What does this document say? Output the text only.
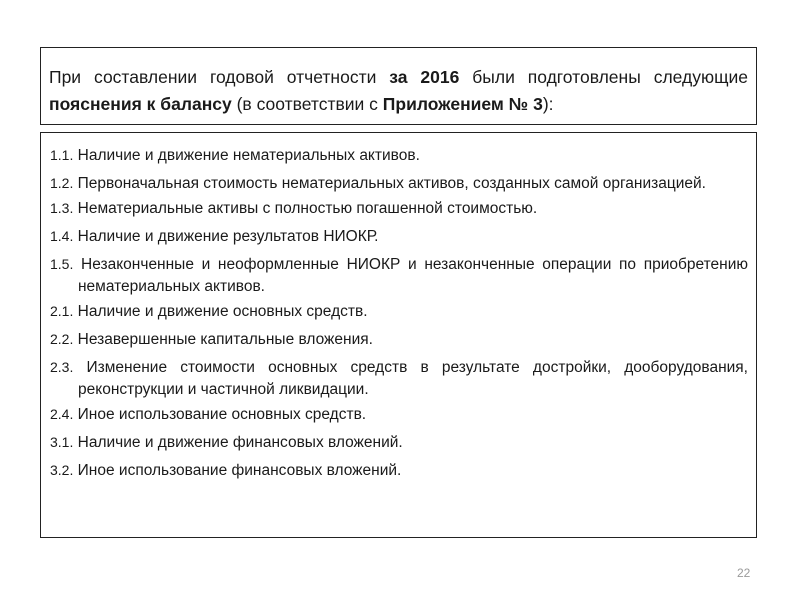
При составлении годовой отчетности за 2016 были подготовлены следующие пояснения к балансу (в соответствии с Приложением № 3):
1.1. Наличие и движение нематериальных активов.
1.2. Первоначальная стоимость нематериальных активов, созданных самой организацией.
1.3. Нематериальные активы с полностью погашенной стоимостью.
1.4. Наличие и движение результатов НИОКР.
1.5. Незаконченные и неоформленные НИОКР и незаконченные операции по приобретению нематериальных активов.
2.1. Наличие и движение основных средств.
2.2. Незавершенные капитальные вложения.
2.3. Изменение стоимости основных средств в результате достройки, дооборудования, реконструкции и частичной ликвидации.
2.4. Иное использование основных средств.
3.1. Наличие и движение финансовых вложений.
3.2. Иное использование финансовых вложений.
22
